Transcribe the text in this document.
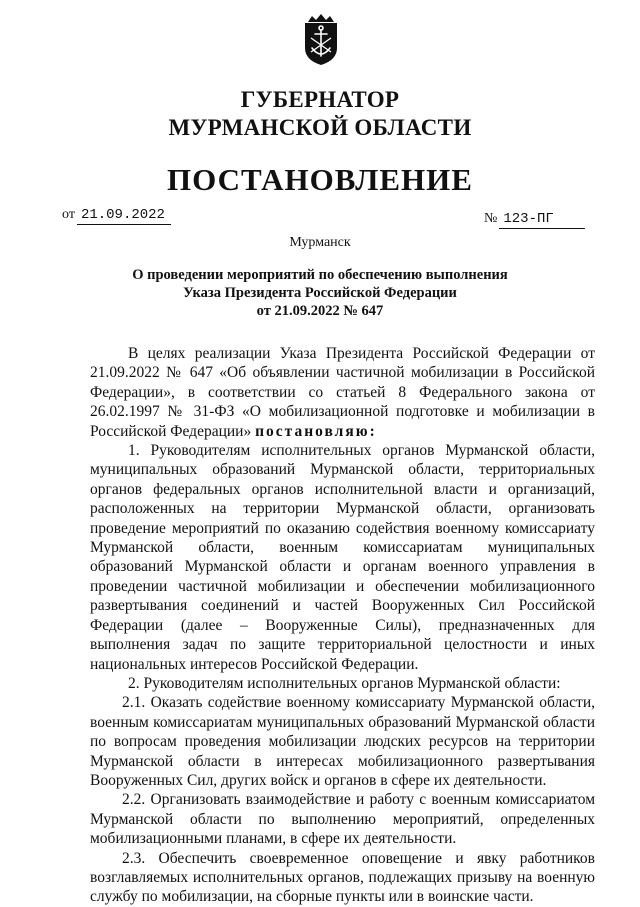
ГУБЕРНАТОР
МУРМАНСКОЙ ОБЛАСТИ
ПОСТАНОВЛЕНИЕ
от 21.09.2022	№ 123-ПГ
Мурманск
О проведении мероприятий по обеспечению выполнения
Указа Президента Российской Федерации
от 21.09.2022 № 647

В целях реализации Указа Президента Российской Федерации от 21.09.2022 № 647 «Об объявлении частичной мобилизации в Российской Федерации», в соответствии со статьей 8 Федерального закона от 26.02.1997 № 31-ФЗ «О мобилизационной подготовке и мобилизации в Российской Федерации» постановляю:

1. Руководителям исполнительных органов Мурманской области, муниципальных образований Мурманской области, территориальных органов федеральных органов исполнительной власти и организаций, расположенных на территории Мурманской области, организовать проведение мероприятий по оказанию содействия военному комиссариату Мурманской области, военным комиссариатам муниципальных образований Мурманской области и органам военного управления в проведении частичной мобилизации и обеспечении мобилизационного развертывания соединений и частей Вооруженных Сил Российской Федерации (далее – Вооруженные Силы), предназначенных для выполнения задач по защите территориальной целостности и иных национальных интересов Российской Федерации.

2. Руководителям исполнительных органов Мурманской области:

2.1. Оказать содействие военному комиссариату Мурманской области, военным комиссариатам муниципальных образований Мурманской области по вопросам проведения мобилизации людских ресурсов на территории Мурманской области в интересах мобилизационного развертывания Вооруженных Сил, других войск и органов в сфере их деятельности.

2.2. Организовать взаимодействие и работу с военным комиссариатом Мурманской области по выполнению мероприятий, определенных мобилизационными планами, в сфере их деятельности.

2.3. Обеспечить своевременное оповещение и явку работников возглавляемых исполнительных органов, подлежащих призыву на военную службу по мобилизации, на сборные пункты или в воинские части.
